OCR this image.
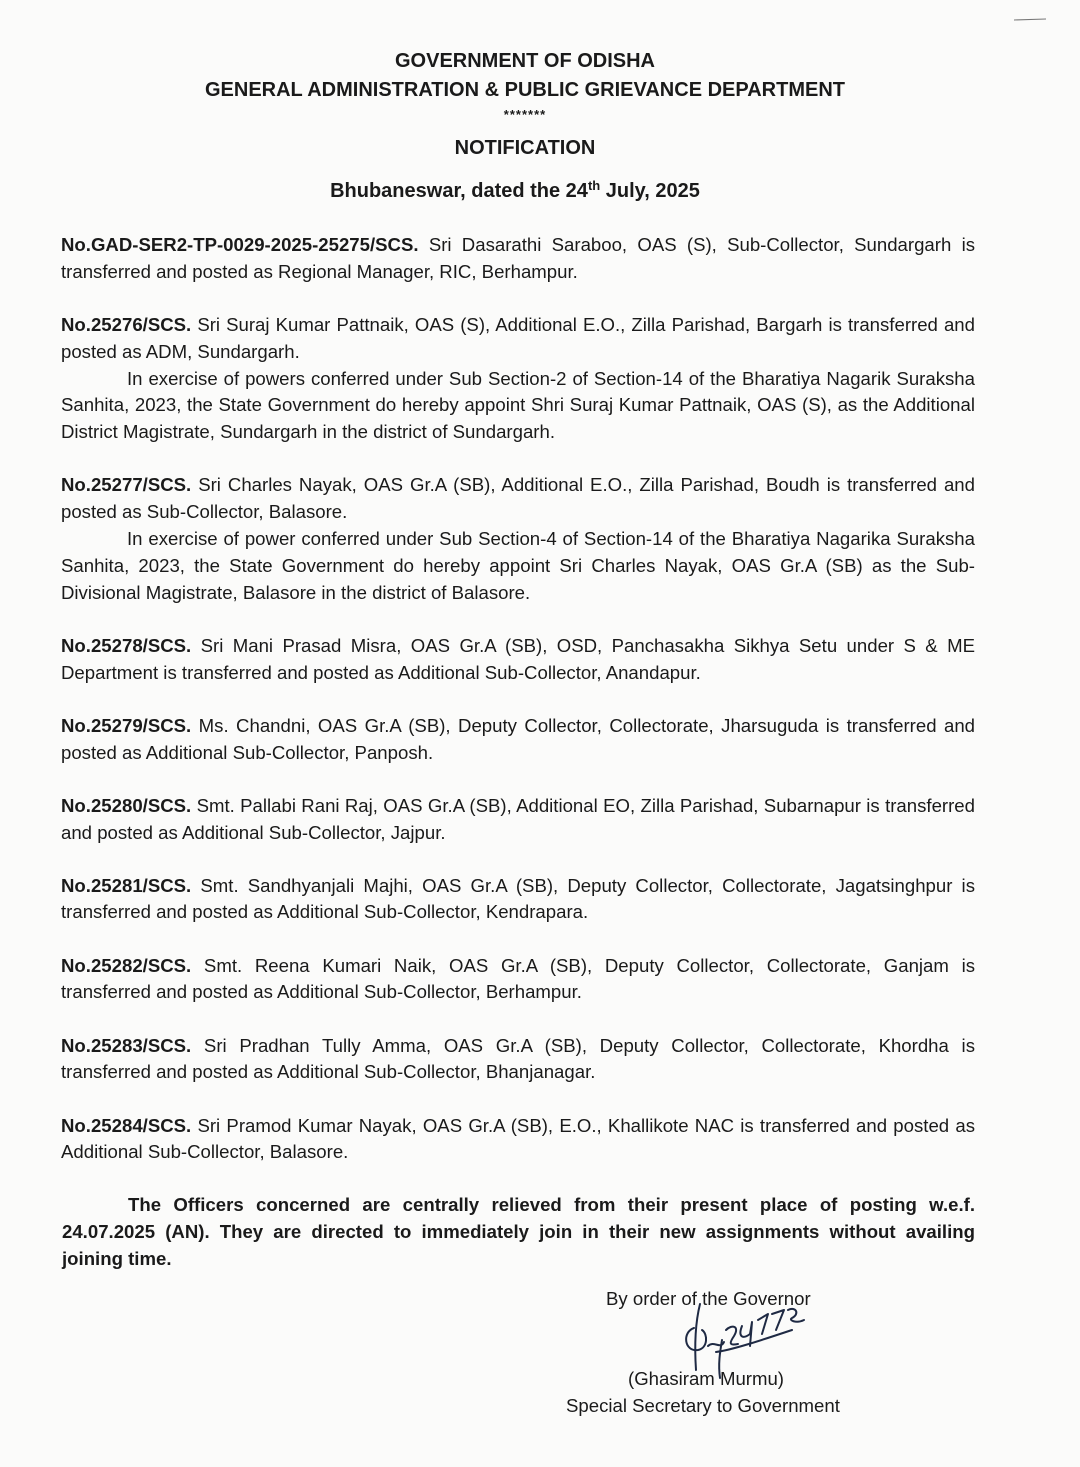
GOVERNMENT OF ODISHA
GENERAL ADMINISTRATION & PUBLIC GRIEVANCE DEPARTMENT
*******
NOTIFICATION
Bhubaneswar, dated the 24th July, 2025
No.GAD-SER2-TP-0029-2025-25275/SCS. Sri Dasarathi Saraboo, OAS (S), Sub-Collector, Sundargarh is transferred and posted as Regional Manager, RIC, Berhampur.
No.25276/SCS. Sri Suraj Kumar Pattnaik, OAS (S), Additional E.O., Zilla Parishad, Bargarh is transferred and posted as ADM, Sundargarh.
In exercise of powers conferred under Sub Section-2 of Section-14 of the Bharatiya Nagarik Suraksha Sanhita, 2023, the State Government do hereby appoint Shri Suraj Kumar Pattnaik, OAS (S), as the Additional District Magistrate, Sundargarh in the district of Sundargarh.
No.25277/SCS. Sri Charles Nayak, OAS Gr.A (SB), Additional E.O., Zilla Parishad, Boudh is transferred and posted as Sub-Collector, Balasore.
In exercise of power conferred under Sub Section-4 of Section-14 of the Bharatiya Nagarika Suraksha Sanhita, 2023, the State Government do hereby appoint Sri Charles Nayak, OAS Gr.A (SB) as the Sub-Divisional Magistrate, Balasore in the district of Balasore.
No.25278/SCS. Sri Mani Prasad Misra, OAS Gr.A (SB), OSD, Panchasakha Sikhya Setu under S & ME Department is transferred and posted as Additional Sub-Collector, Anandapur.
No.25279/SCS. Ms. Chandni, OAS Gr.A (SB), Deputy Collector, Collectorate, Jharsuguda is transferred and posted as Additional Sub-Collector, Panposh.
No.25280/SCS. Smt. Pallabi Rani Raj, OAS Gr.A (SB), Additional EO, Zilla Parishad, Subarnapur is transferred and posted as Additional Sub-Collector, Jajpur.
No.25281/SCS. Smt. Sandhyanjali Majhi, OAS Gr.A (SB), Deputy Collector, Collectorate, Jagatsinghpur is transferred and posted as Additional Sub-Collector, Kendrapara.
No.25282/SCS. Smt. Reena Kumari Naik, OAS Gr.A (SB), Deputy Collector, Collectorate, Ganjam is transferred and posted as Additional Sub-Collector, Berhampur.
No.25283/SCS. Sri Pradhan Tully Amma, OAS Gr.A (SB), Deputy Collector, Collectorate, Khordha is transferred and posted as Additional Sub-Collector, Bhanjanagar.
No.25284/SCS. Sri Pramod Kumar Nayak, OAS Gr.A (SB), E.O., Khallikote NAC is transferred and posted as Additional Sub-Collector, Balasore.
The Officers concerned are centrally relieved from their present place of posting w.e.f. 24.07.2025 (AN). They are directed to immediately join in their new assignments without availing joining time.
By order of the Governor
(Ghasiram Murmu)
Special Secretary to Government
